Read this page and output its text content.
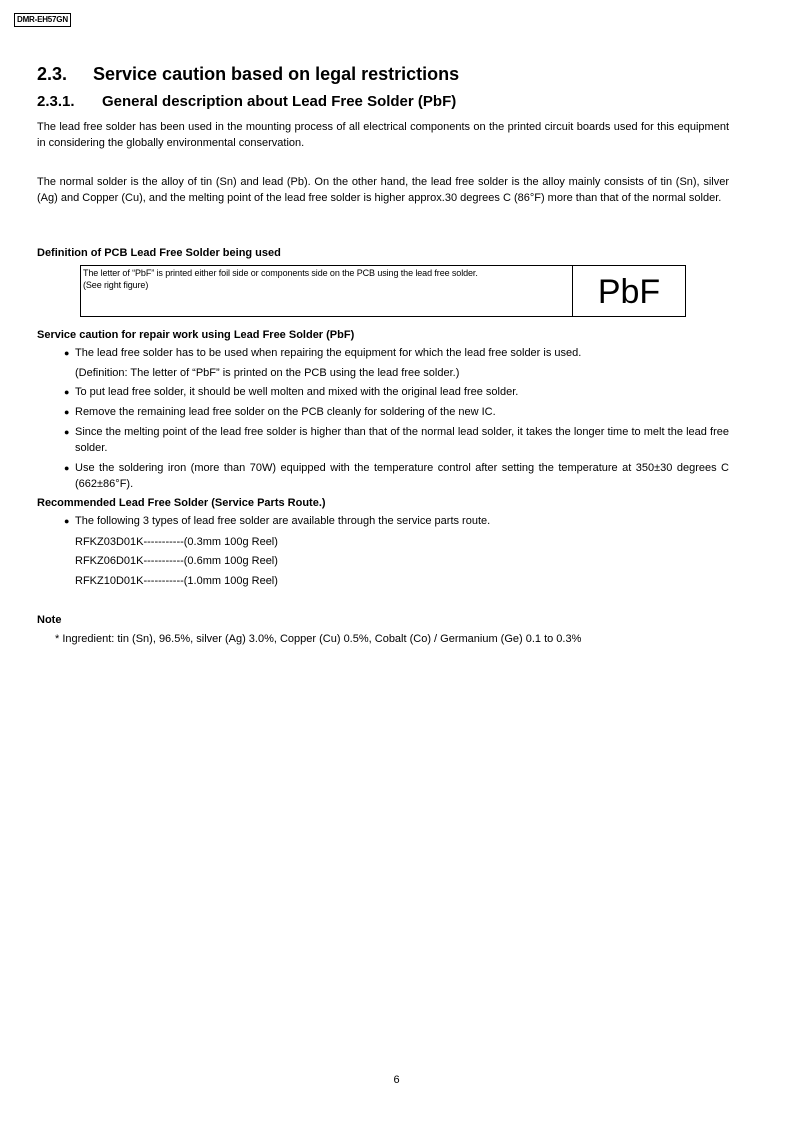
DMR-EH57GN
2.3. Service caution based on legal restrictions
2.3.1. General description about Lead Free Solder (PbF)

The lead free solder has been used in the mounting process of all electrical components on the printed circuit boards used for this equipment in considering the globally environmental conservation.

The normal solder is the alloy of tin (Sn) and lead (Pb). On the other hand, the lead free solder is the alloy mainly consists of tin (Sn), silver (Ag) and Copper (Cu), and the melting point of the lead free solder is higher approx.30 degrees C (86°F) more than that of the normal solder.

Definition of PCB Lead Free Solder being used

The letter of “PbF” is printed either foil side or components side on the PCB using the lead free solder.
(See right figure)	PbF

Service caution for repair work using Lead Free Solder (PbF)

● The lead free solder has to be used when repairing the equipment for which the lead free solder is used.

(Definition: The letter of “PbF” is printed on the PCB using the lead free solder.)

● To put lead free solder, it should be well molten and mixed with the original lead free solder.
● Remove the remaining lead free solder on the PCB cleanly for soldering of the new IC.
● Since the melting point of the lead free solder is higher than that of the normal lead solder, it takes the longer time to melt the lead free solder.
● Use the soldering iron (more than 70W) equipped with the temperature control after setting the temperature at 350±30 degrees C (662±86°F).

Recommended Lead Free Solder (Service Parts Route.)

● The following 3 types of lead free solder are available through the service parts route.

RFKZ03D01K-----------(0.3mm 100g Reel)

RFKZ06D01K-----------(0.6mm 100g Reel)

RFKZ10D01K-----------(1.0mm 100g Reel)

Note

* Ingredient: tin (Sn), 96.5%, silver (Ag) 3.0%, Copper (Cu) 0.5%, Cobalt (Co) / Germanium (Ge) 0.1 to 0.3%

6
